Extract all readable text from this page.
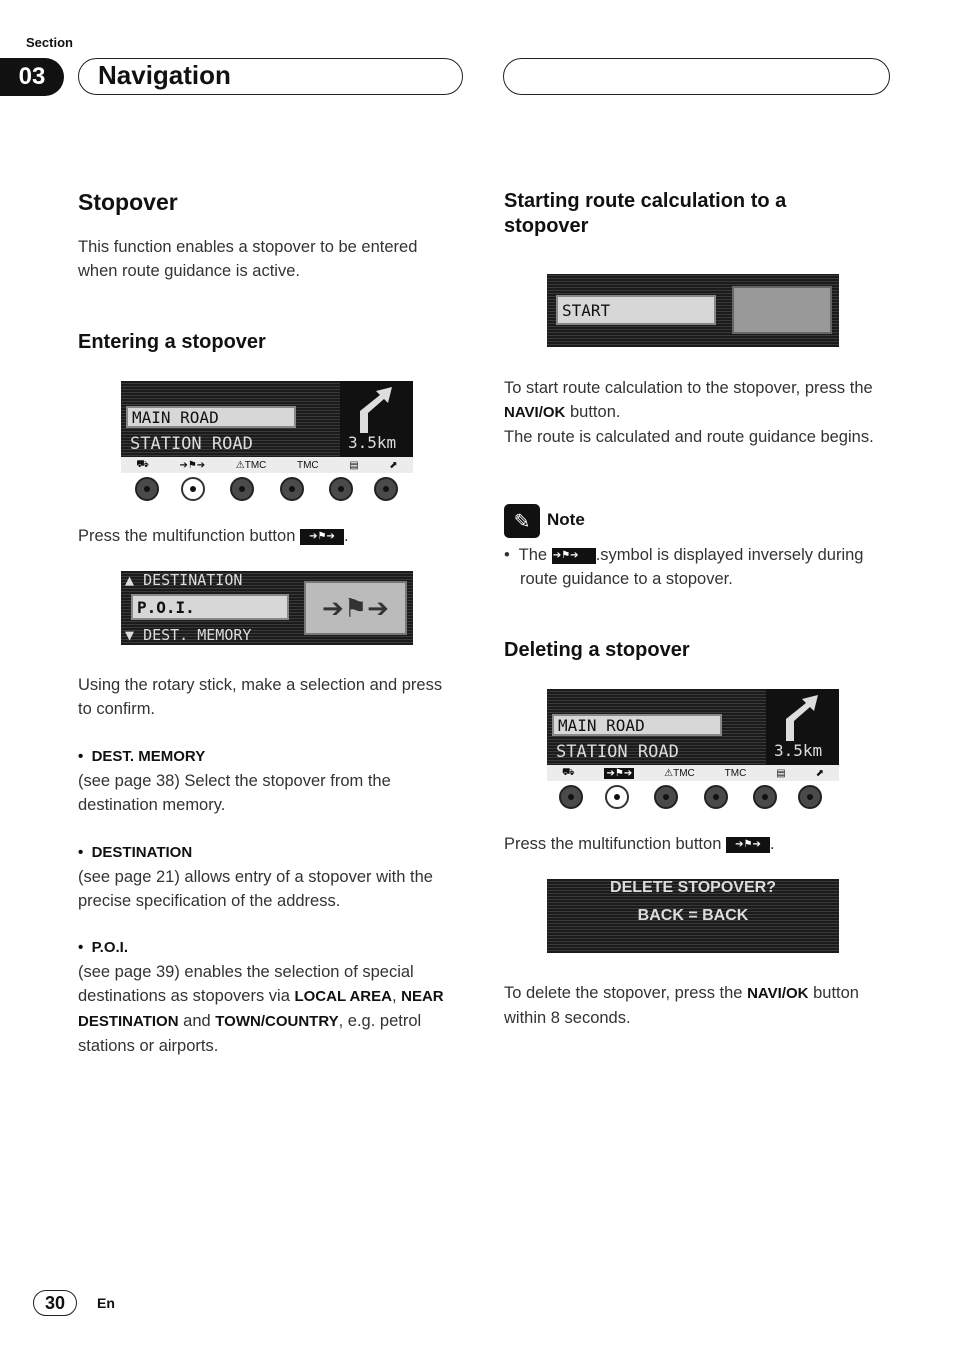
Section
03	Navigation
Stopover

This function enables a stopover to be entered when route guidance is active.

Entering a stopover
MAIN ROAD
STATION ROAD	3.5km
⛟	➔⚑➔	⚠TMC	TMC	▤	⬈

Press the multifunction button ➔⚑➔ .

▲ DESTINATION
P.O.I.
▼ DEST. MEMORY
➔⚑➔

Using the rotary stick, make a selection and press to confirm.

•  DEST. MEMORY

(see page 38) Select the stopover from the destination memory.

•  DESTINATION

(see page 21) allows entry of a stopover with the precise specification of the address.

•  P.O.I.

(see page 39) enables the selection of special destinations as stopovers via LOCAL AREA, NEAR DESTINATION and TOWN/COUNTRY, e.g. petrol stations or airports.

Starting route calculation to a stopover
START

To start route calculation to the stopover, press the NAVI/OK button.
The route is calculated and route guidance begins.

✎ Note

•  The ➔⚑➔ .symbol is displayed inversely during route guidance to a stopover.

Deleting a stopover
MAIN ROAD
STATION ROAD	3.5km
⛟	➔⚑➔	⚠TMC	TMC	▤	⬈

Press the multifunction button ➔⚑➔ .

DELETE STOPOVER?
BACK = BACK

To delete the stopover, press the NAVI/OK button within 8 seconds.

30	En
